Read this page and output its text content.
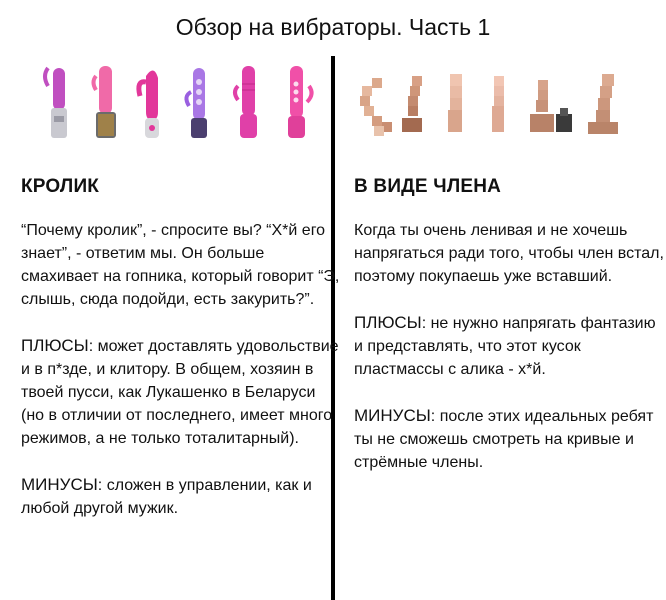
Обзор на вибраторы. Часть 1
КРОЛИК

“Почему кролик”, - спросите вы? “Х*й его знает”, - ответим мы. Он больше смахивает на гопника, который говорит “Э, слышь, сюда подойди, есть закурить?”.

ПЛЮСЫ: может доставлять удовольствие и в п*зде, и клитору. В общем, хозяин в твоей пусси, как Лукашенко в Беларуси (но в отличии от последнего, имеет много режимов, а не только тоталитарный).

МИНУСЫ: сложен в управлении, как и любой другой мужик.

В ВИДЕ ЧЛЕНА

Когда ты очень ленивая и не хочешь напрягаться ради того, чтобы член встал, поэтому покупаешь уже вставший.

ПЛЮСЫ: не нужно напрягать фантазию и представлять, что этот кусок пластмассы с алика - х*й.

МИНУСЫ: после этих идеальных ребят ты не сможешь смотреть на кривые и стрёмные члены.
